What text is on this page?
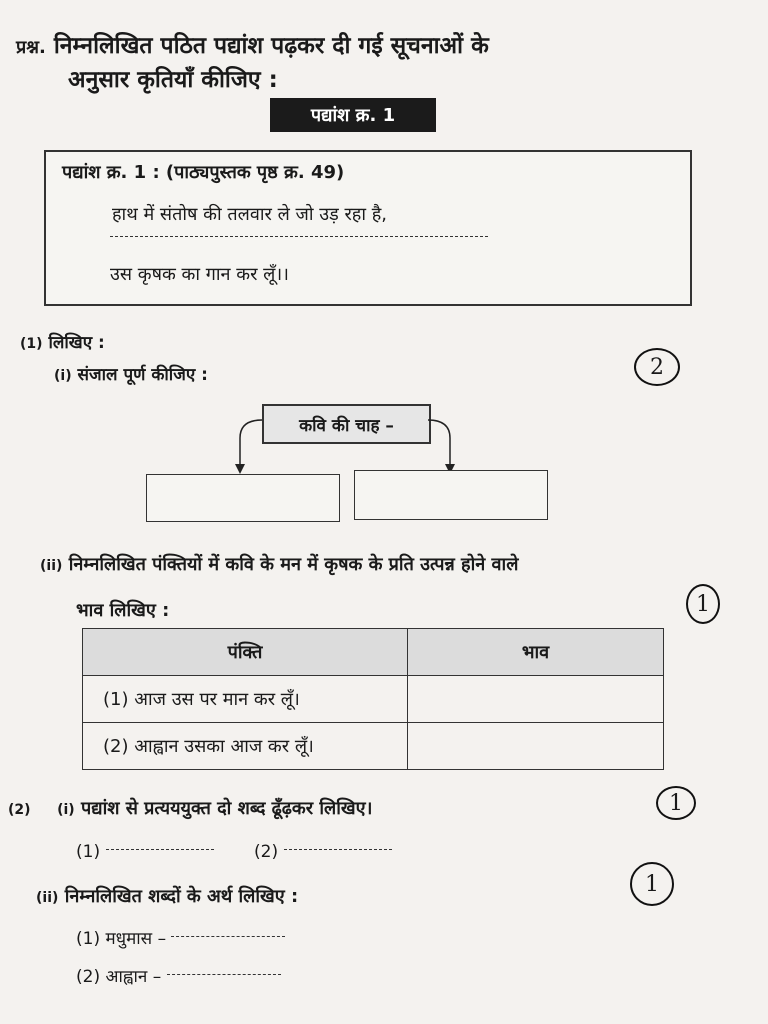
प्रश्न. निम्नलिखित पठित पद्यांश पढ़कर दी गई सूचनाओं के
अनुसार कृतियाँ कीजिए :
पद्यांश क्र. 1
पद्यांश क्र. 1 : (पाठ्यपुस्तक पृष्ठ क्र. 49)
हाथ में संतोष की तलवार ले जो उड़ रहा है,
उस कृषक का गान कर लूँ।।
(1) लिखिए :
(i) संजाल पूर्ण कीजिए :	2
कवि की चाह –
(ii) निम्नलिखित पंक्तियों में कवि के मन में कृषक के प्रति उत्पन्न होने वाले
भाव लिखिए :	1
पंक्ति	भाव
(1) आज उस पर मान कर लूँ।	
(2) आह्वान उसका आज कर लूँ।	
(2) (i) पद्यांश से प्रत्यययुक्त दो शब्द ढूँढ़कर लिखिए।	1
(1)	(2)
(ii) निम्नलिखित शब्दों के अर्थ लिखिए :	1
(1) मधुमास –
(2) आह्वान –
